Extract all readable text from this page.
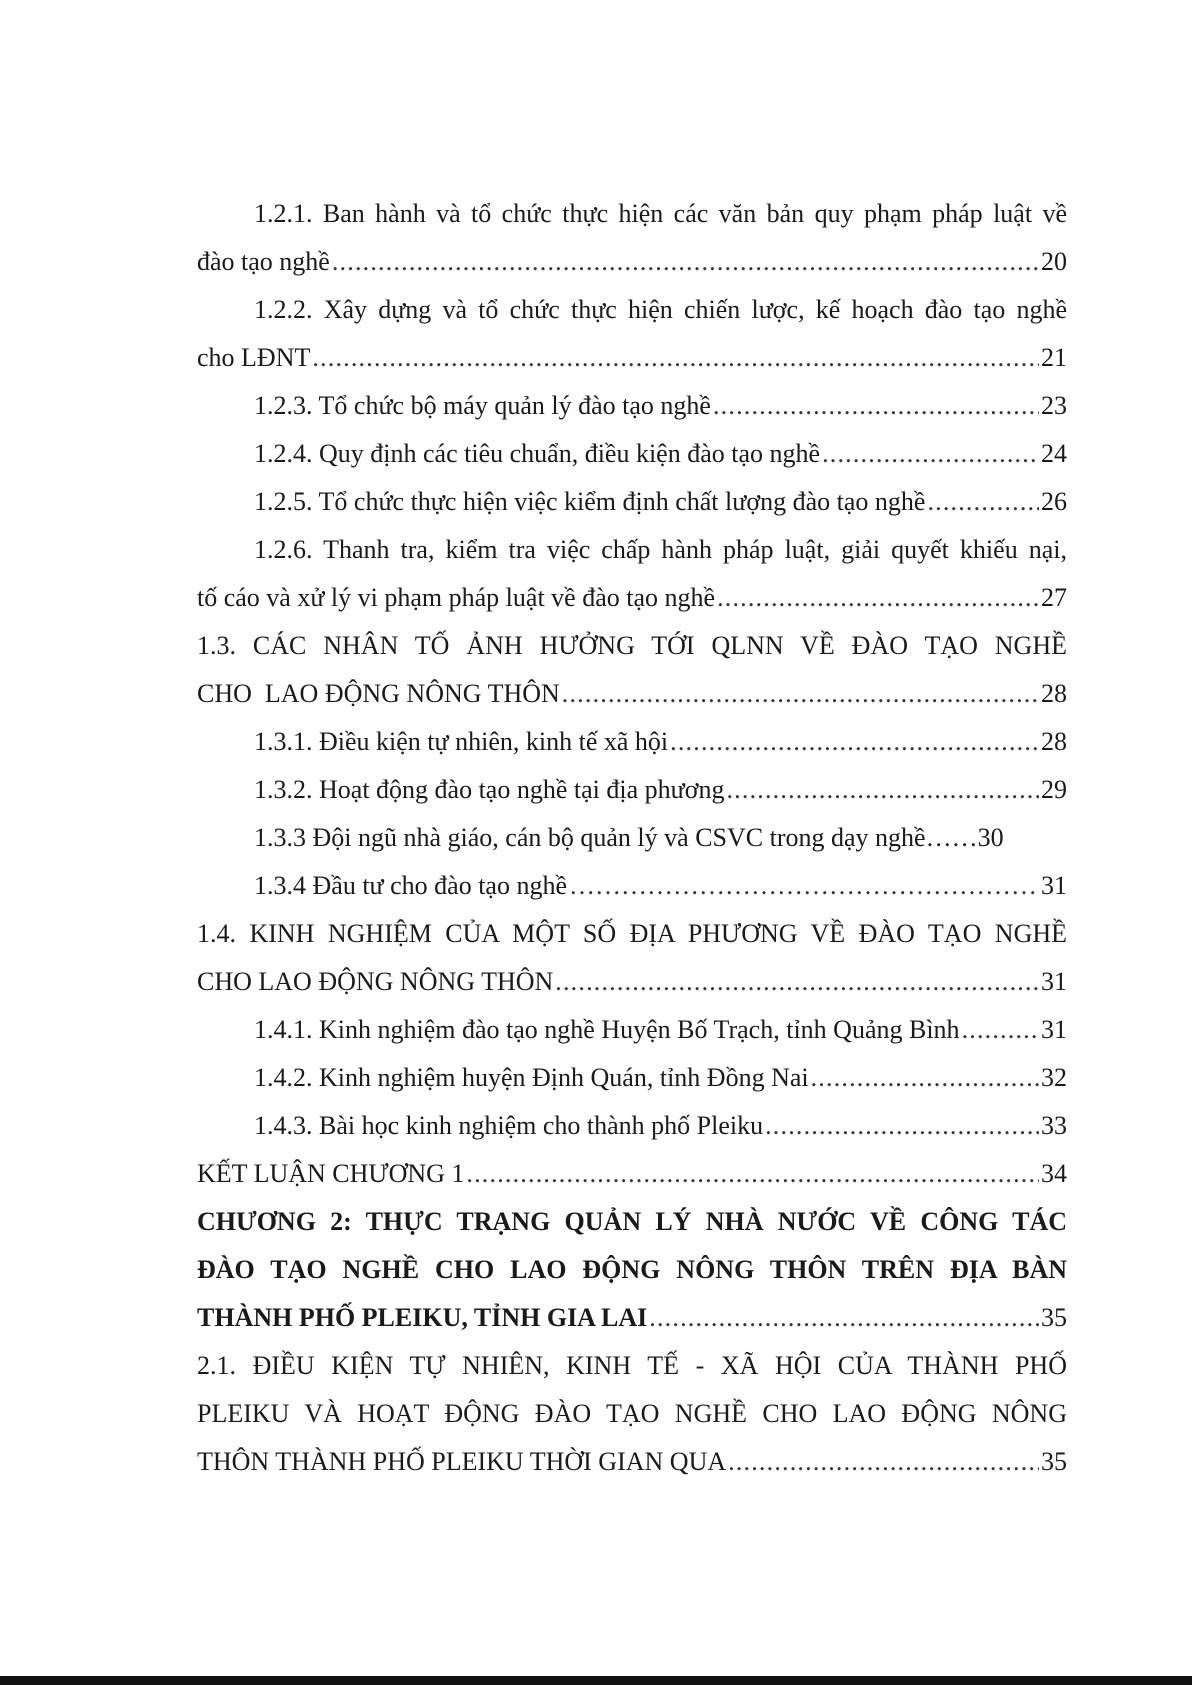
1.2.1. Ban hành và tổ chức thực hiện các văn bản quy phạm pháp luật về
đào tạo nghề .....	20
1.2.2. Xây dựng và tổ chức thực hiện chiến lược, kế hoạch đào tạo nghề
cho LĐNT .....	21
1.2.3. Tổ chức bộ máy quản lý đào tạo nghề .....	23
1.2.4. Quy định các tiêu chuẩn, điều kiện đào tạo nghề .....	24
1.2.5. Tổ chức thực hiện việc kiểm định chất lượng đào tạo nghề .....	26
1.2.6. Thanh tra, kiểm tra việc chấp hành pháp luật, giải quyết khiếu nại,
tố cáo và xử lý vi phạm pháp luật về đào tạo nghề .....	27
1.3. CÁC NHÂN TỐ ẢNH HƯỞNG TỚI QLNN VỀ ĐÀO TẠO NGHỀ
CHO  LAO ĐỘNG NÔNG THÔN .....	28
1.3.1. Điều kiện tự nhiên, kinh tế xã hội .....	28
1.3.2. Hoạt động đào tạo nghề tại địa phương .....	29
1.3.3 Đội ngũ nhà giáo, cán bộ quản lý và CSVC trong dạy nghề……30
1.3.4 Đầu tư cho đào tạo nghề ……………………………………………………………………………………………………………………………………	31
1.4. KINH NGHIỆM CỦA MỘT SỐ ĐỊA PHƯƠNG VỀ ĐÀO TẠO NGHỀ
CHO LAO ĐỘNG NÔNG THÔN .....	31
1.4.1. Kinh nghiệm đào tạo nghề Huyện Bố Trạch, tỉnh Quảng Bình .....	31
1.4.2. Kinh nghiệm huyện Định Quán, tỉnh Đồng Nai .....	32
1.4.3. Bài học kinh nghiệm cho thành phố Pleiku .....	33
KẾT LUẬN CHƯƠNG 1 .....	34
CHƯƠNG 2: THỰC TRẠNG QUẢN LÝ NHÀ NƯỚC VỀ CÔNG TÁC
ĐÀO TẠO NGHỀ CHO LAO ĐỘNG NÔNG THÔN TRÊN ĐỊA BÀN
THÀNH PHỐ PLEIKU, TỈNH GIA LAI .....	35
2.1. ĐIỀU KIỆN TỰ NHIÊN, KINH TẾ - XÃ HỘI CỦA THÀNH PHỐ
PLEIKU VÀ HOẠT ĐỘNG ĐÀO TẠO NGHỀ CHO LAO ĐỘNG NÔNG
THÔN THÀNH PHỐ PLEIKU THỜI GIAN QUA .....	35
